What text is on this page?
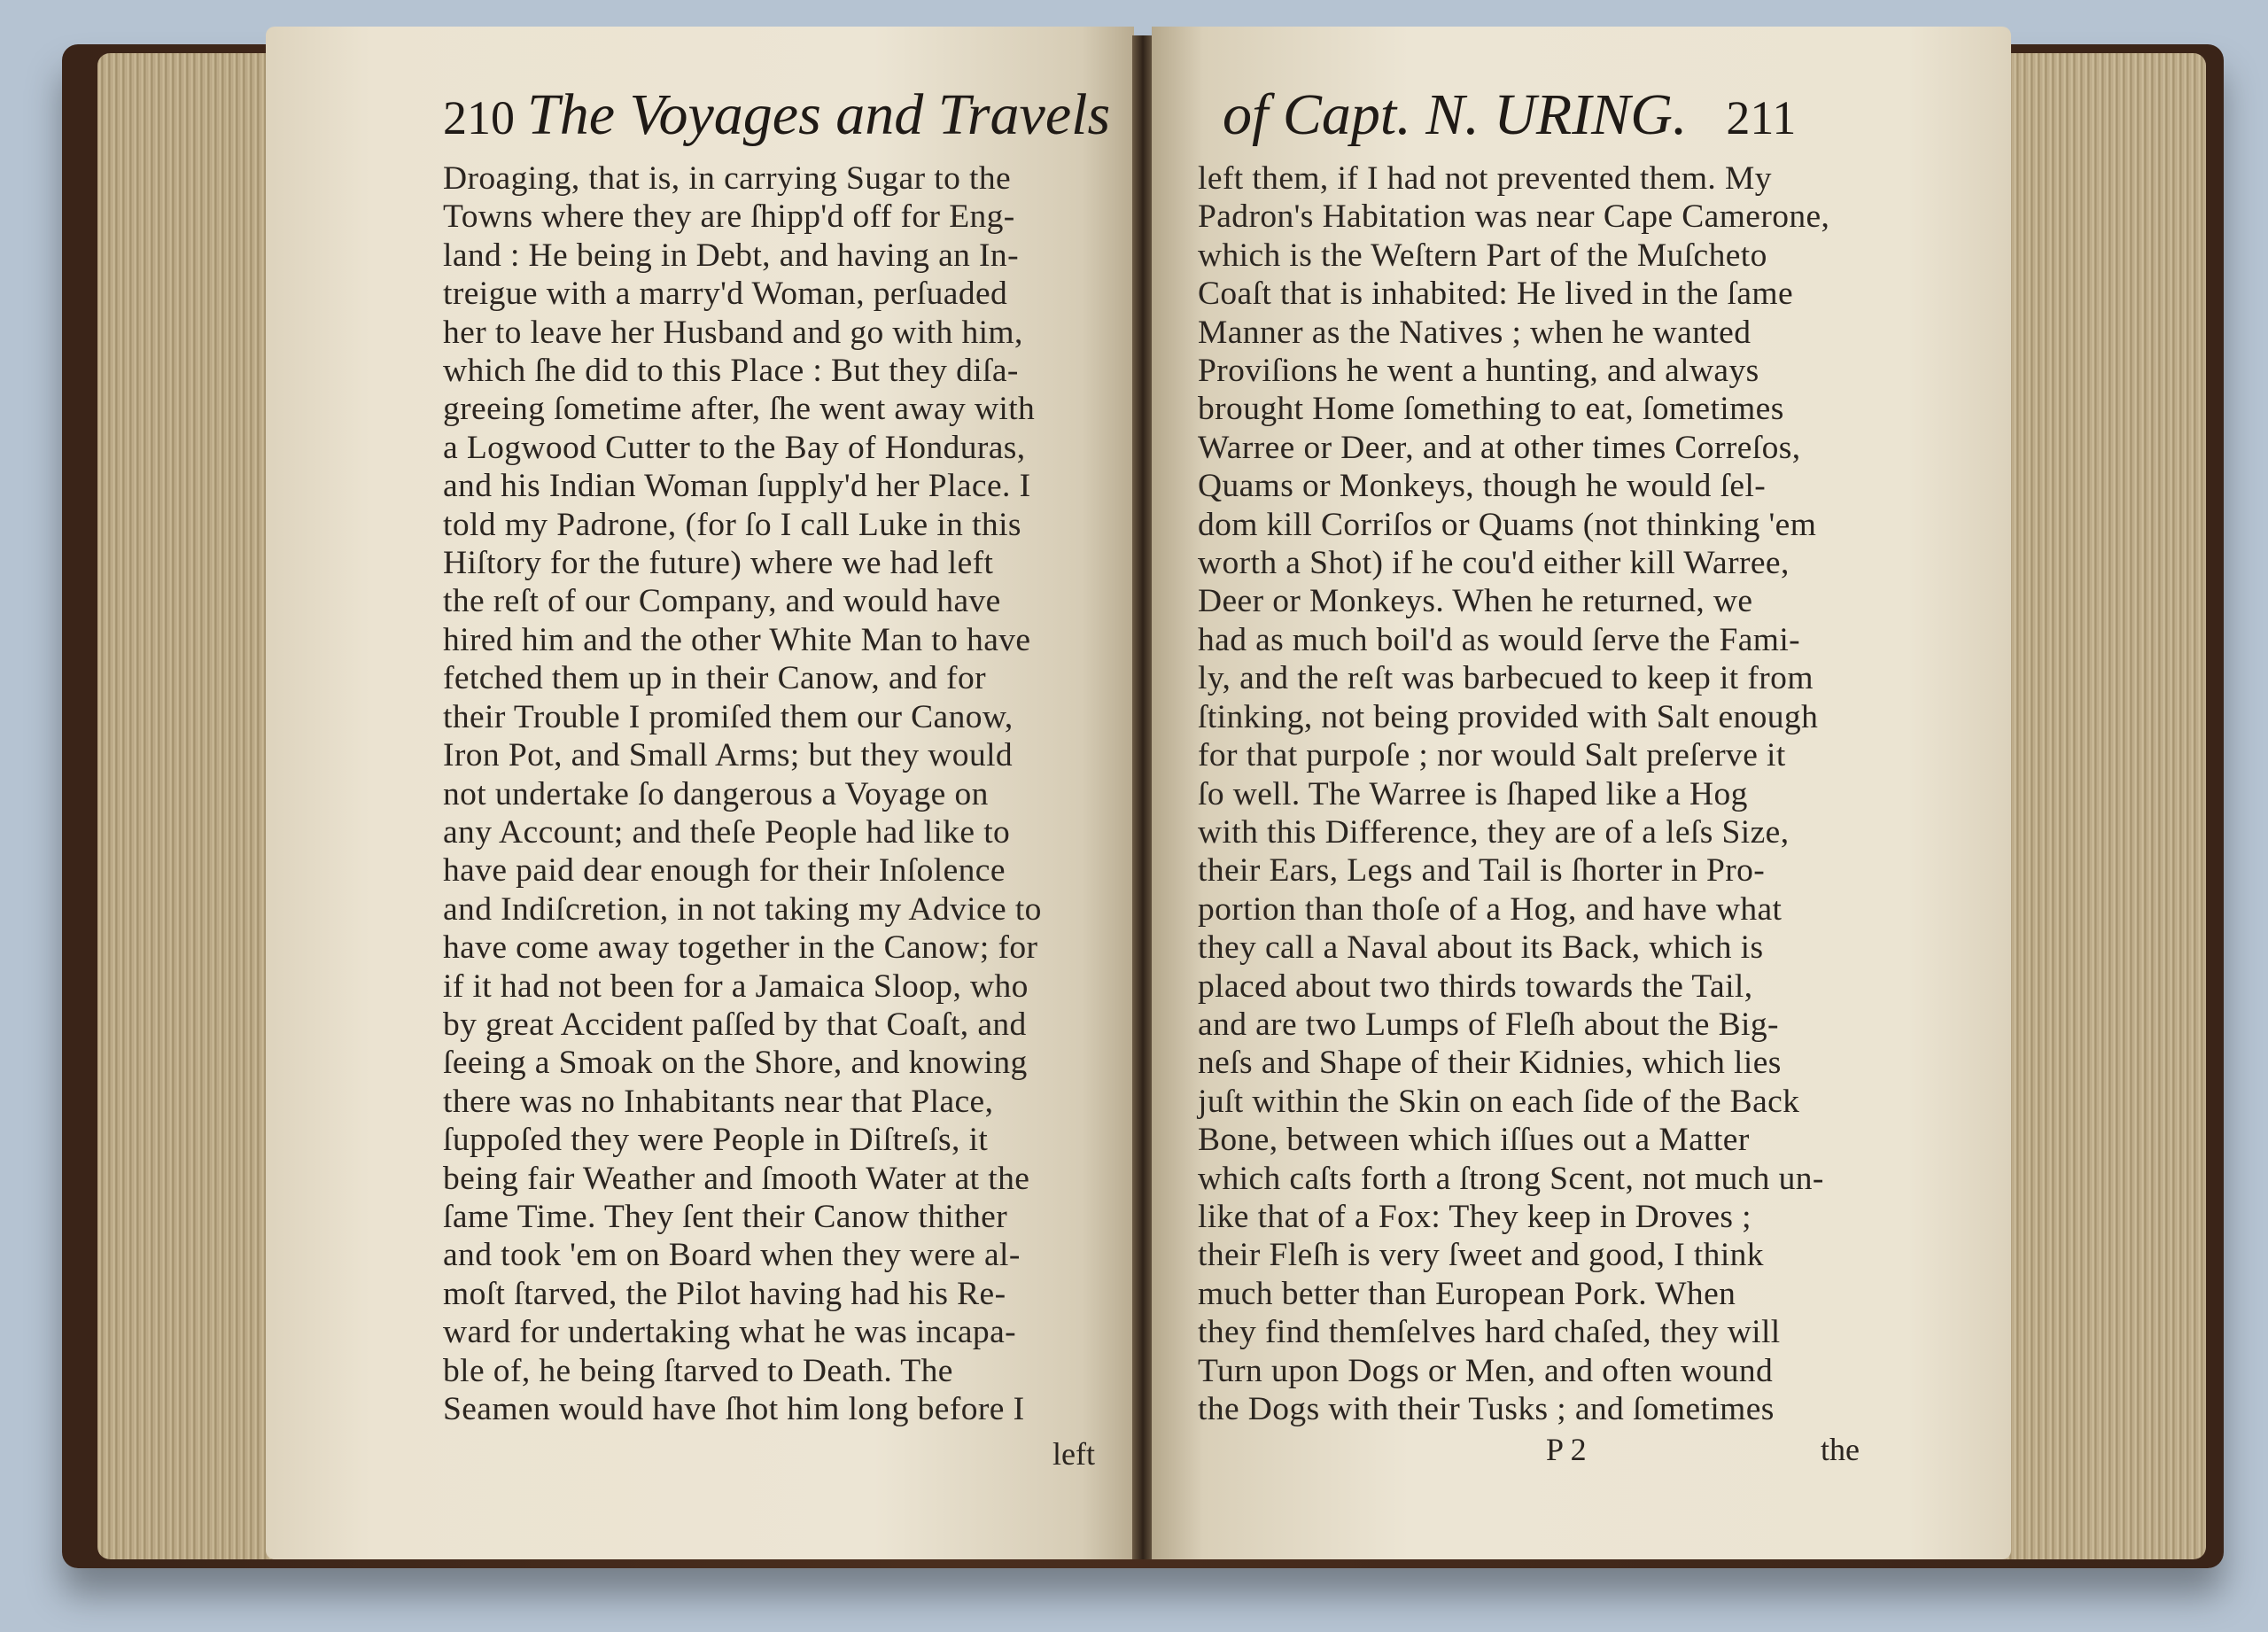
210 The Voyages and Travels
Droaging, that is, in carrying Sugar to the
Towns where they are ſhipp'd off for Eng-
land : He being in Debt, and having an In-
treigue with a marry'd Woman, perſuaded
her to leave her Husband and go with him,
which ſhe did to this Place : But they diſa-
greeing ſometime after, ſhe went away with
a Logwood Cutter to the Bay of Honduras,
and his Indian Woman ſupply'd her Place. I
told my Padrone, (for ſo I call Luke in this
Hiſtory for the future) where we had left
the reſt of our Company, and would have
hired him and the other White Man to have
fetched them up in their Canow, and for
their Trouble I promiſed them our Canow,
Iron Pot, and Small Arms; but they would
not undertake ſo dangerous a Voyage on
any Account; and theſe People had like to
have paid dear enough for their Inſolence
and Indiſcretion, in not taking my Advice to
have come away together in the Canow; for
if it had not been for a Jamaica Sloop, who
by great Accident paſſed by that Coaſt, and
ſeeing a Smoak on the Shore, and knowing
there was no Inhabitants near that Place,
ſuppoſed they were People in Diſtreſs, it
being fair Weather and ſmooth Water at the
ſame Time. They ſent their Canow thither
and took 'em on Board when they were al-
moſt ſtarved, the Pilot having had his Re-
ward for undertaking what he was incapa-
ble of, he being ſtarved to Death. The
Seamen would have ſhot him long before I
left
of Capt. N. URING. 211
left them, if I had not prevented them. My
Padron's Habitation was near Cape Camerone,
which is the Weſtern Part of the Muſcheto
Coaſt that is inhabited: He lived in the ſame
Manner as the Natives ; when he wanted
Proviſions he went a hunting, and always
brought Home ſomething to eat, ſometimes
Warree or Deer, and at other times Correſos,
Quams or Monkeys, though he would ſel-
dom kill Corriſos or Quams (not thinking 'em
worth a Shot) if he cou'd either kill Warree,
Deer or Monkeys. When he returned, we
had as much boil'd as would ſerve the Fami-
ly, and the reſt was barbecued to keep it from
ſtinking, not being provided with Salt enough
for that purpoſe ; nor would Salt preſerve it
ſo well. The Warree is ſhaped like a Hog
with this Difference, they are of a leſs Size,
their Ears, Legs and Tail is ſhorter in Pro-
portion than thoſe of a Hog, and have what
they call a Naval about its Back, which is
placed about two thirds towards the Tail,
and are two Lumps of Fleſh about the Big-
neſs and Shape of their Kidnies, which lies
juſt within the Skin on each ſide of the Back
Bone, between which iſſues out a Matter
which caſts forth a ſtrong Scent, not much un-
like that of a Fox: They keep in Droves ;
their Fleſh is very ſweet and good, I think
much better than European Pork. When
they find themſelves hard chaſed, they will
Turn upon Dogs or Men, and often wound
the Dogs with their Tusks ; and ſometimes
P 2	the
